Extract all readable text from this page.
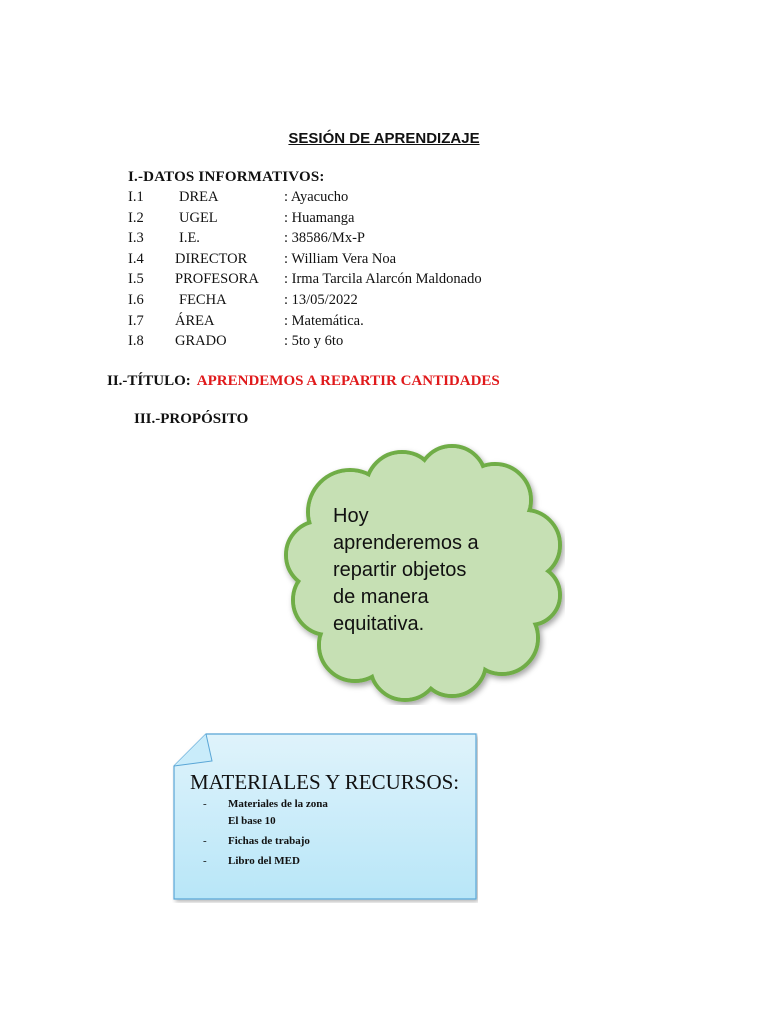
SESIÓN DE APRENDIZAJE
I.-DATOS INFORMATIVOS:
I.1 DREA	: Ayacucho
I.2 UGEL	: Huamanga
I.3 I.E.	: 38586/Mx-P
I.4 DIRECTOR	: William Vera Noa
I.5 PROFESORA : Irma Tarcila Alarcón Maldonado
I.6 FECHA	: 13/05/2022
I.7 ÁREA	: Matemática.
I.8 GRADO	: 5to y 6to
II.-TÍTULO: APRENDEMOS A REPARTIR CANTIDADES
III.-PROPÓSITO
Hoy
aprenderemos a
repartir objetos
de manera
equitativa.
MATERIALES Y RECURSOS:
- Materiales de la zona
El base 10
- Fichas de trabajo
- Libro del MED
